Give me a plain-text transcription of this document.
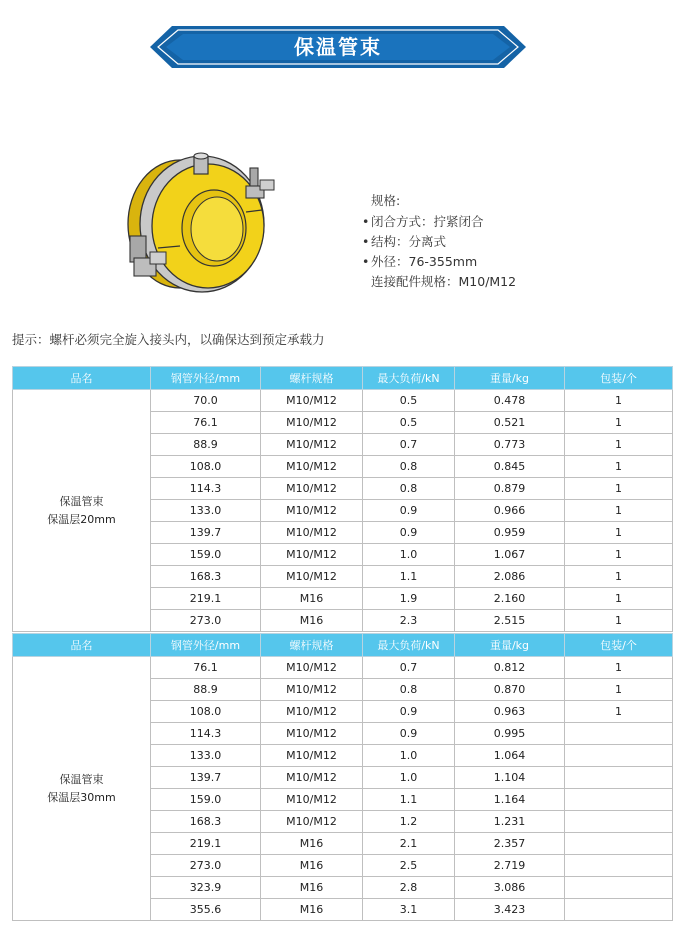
保温管束
规格:
• 闭合方式：拧紧闭合
• 结构：分离式
• 外径：76-355mm
连接配件规格：M10/M12
提示：螺杆必须完全旋入接头内，以确保达到预定承载力
品名	钢管外径/mm	螺杆规格	最大负荷/kN	重量/kg	包装/个

保温管束
保温层20mm	70.0	M10/M12	0.5	0.478	1
	76.1	M10/M12	0.5	0.521	1
	88.9	M10/M12	0.7	0.773	1
	108.0	M10/M12	0.8	0.845	1
	114.3	M10/M12	0.8	0.879	1
	133.0	M10/M12	0.9	0.966	1
	139.7	M10/M12	0.9	0.959	1
	159.0	M10/M12	1.0	1.067	1
	168.3	M10/M12	1.1	2.086	1
	219.1	M16	1.9	2.160	1
	273.0	M16	2.3	2.515	1
品名	钢管外径/mm	螺杆规格	最大负荷/kN	重量/kg	包装/个

保温管束
保温层30mm	76.1	M10/M12	0.7	0.812	1
	88.9	M10/M12	0.8	0.870	1
	108.0	M10/M12	0.9	0.963	1
	114.3	M10/M12	0.9	0.995	
	133.0	M10/M12	1.0	1.064	
	139.7	M10/M12	1.0	1.104	
	159.0	M10/M12	1.1	1.164	
	168.3	M10/M12	1.2	1.231	
	219.1	M16	2.1	2.357	
	273.0	M16	2.5	2.719	
	323.9	M16	2.8	3.086	
	355.6	M16	3.1	3.423	
